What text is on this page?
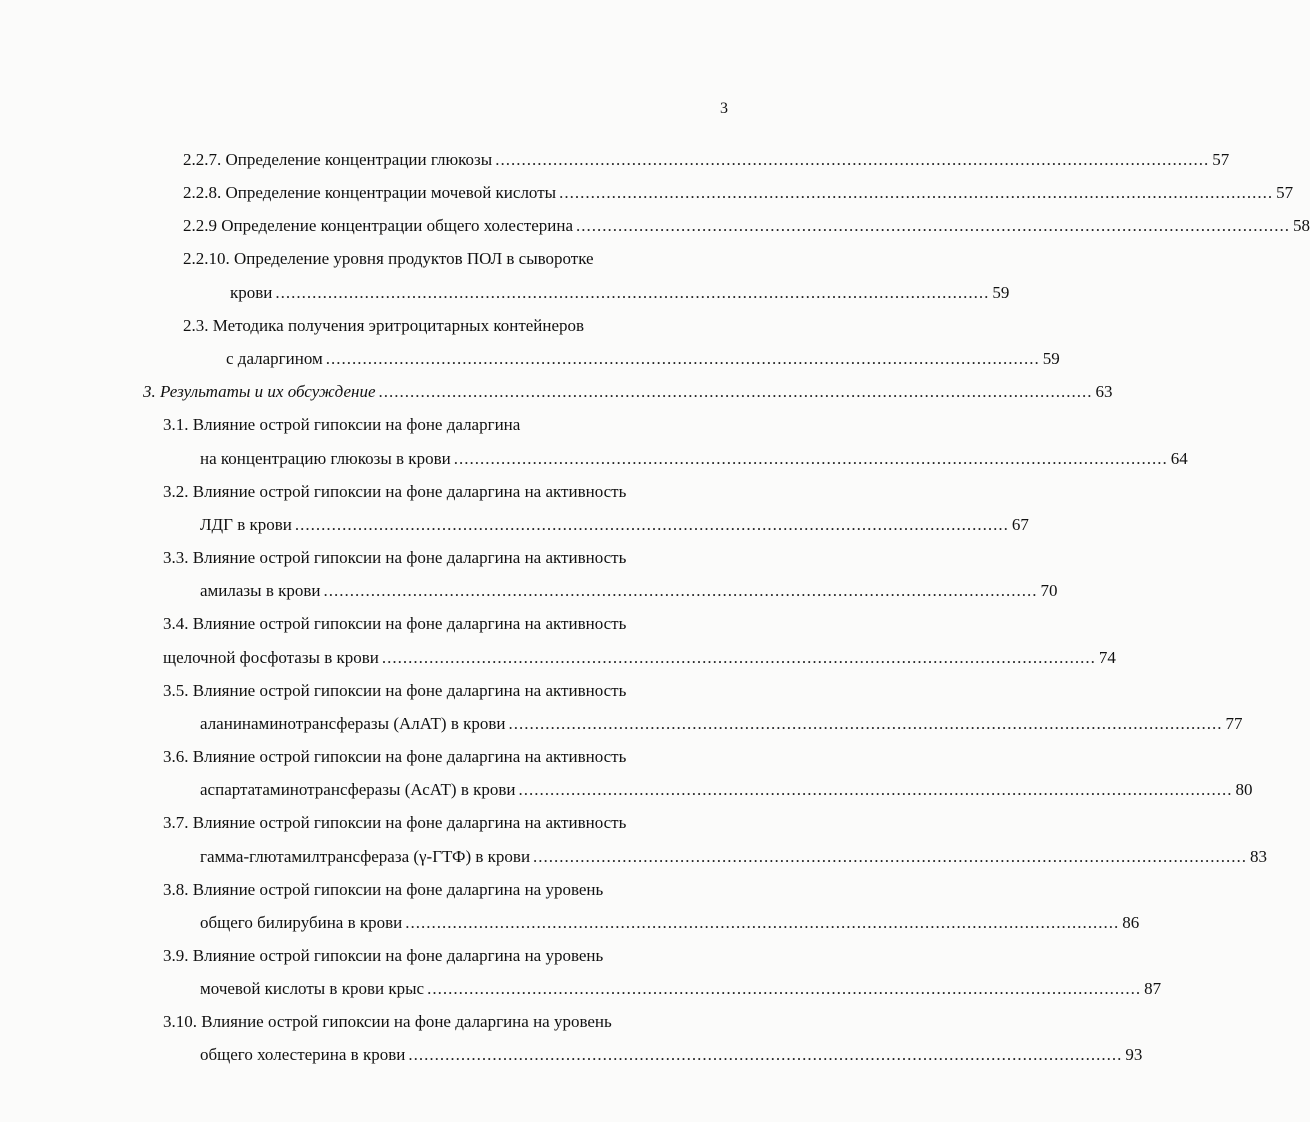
3
2.2.7. Определение концентрации глюкозы ........................................................................................................................................ 57
2.2.8. Определение концентрации мочевой кислоты ........................................................................................................................................ 57
2.2.9 Определение концентрации общего холестерина ........................................................................................................................................ 58
2.2.10. Определение уровня продуктов ПОЛ в сыворотке
крови ........................................................................................................................................ 59
2.3. Методика получения эритроцитарных контейнеров
с даларгином ........................................................................................................................................ 59
3. Результаты и их обсуждение ........................................................................................................................................ 63
3.1. Влияние острой гипоксии на фоне даларгина
на концентрацию глюкозы в крови ........................................................................................................................................ 64
3.2. Влияние острой гипоксии на фоне даларгина на активность
ЛДГ в крови ........................................................................................................................................ 67
3.3. Влияние острой гипоксии на фоне даларгина на активность
амилазы в крови ........................................................................................................................................ 70
3.4. Влияние острой гипоксии на фоне даларгина на активность
щелочной фосфотазы в крови ........................................................................................................................................ 74
3.5. Влияние острой гипоксии на фоне даларгина на активность
аланинаминотрансферазы (АлАТ) в крови ........................................................................................................................................ 77
3.6. Влияние острой гипоксии на фоне даларгина на активность
аспартатаминотрансферазы (АсАТ) в крови ........................................................................................................................................ 80
3.7. Влияние острой гипоксии на фоне даларгина на активность
гамма-глютамилтрансфераза (γ-ГТФ) в крови ........................................................................................................................................ 83
3.8. Влияние острой гипоксии на фоне даларгина на уровень
общего билирубина в крови ........................................................................................................................................ 86
3.9. Влияние острой гипоксии на фоне даларгина на уровень
мочевой кислоты в крови крыс ........................................................................................................................................ 87
3.10. Влияние острой гипоксии на фоне даларгина на уровень
общего холестерина в крови ........................................................................................................................................ 93
